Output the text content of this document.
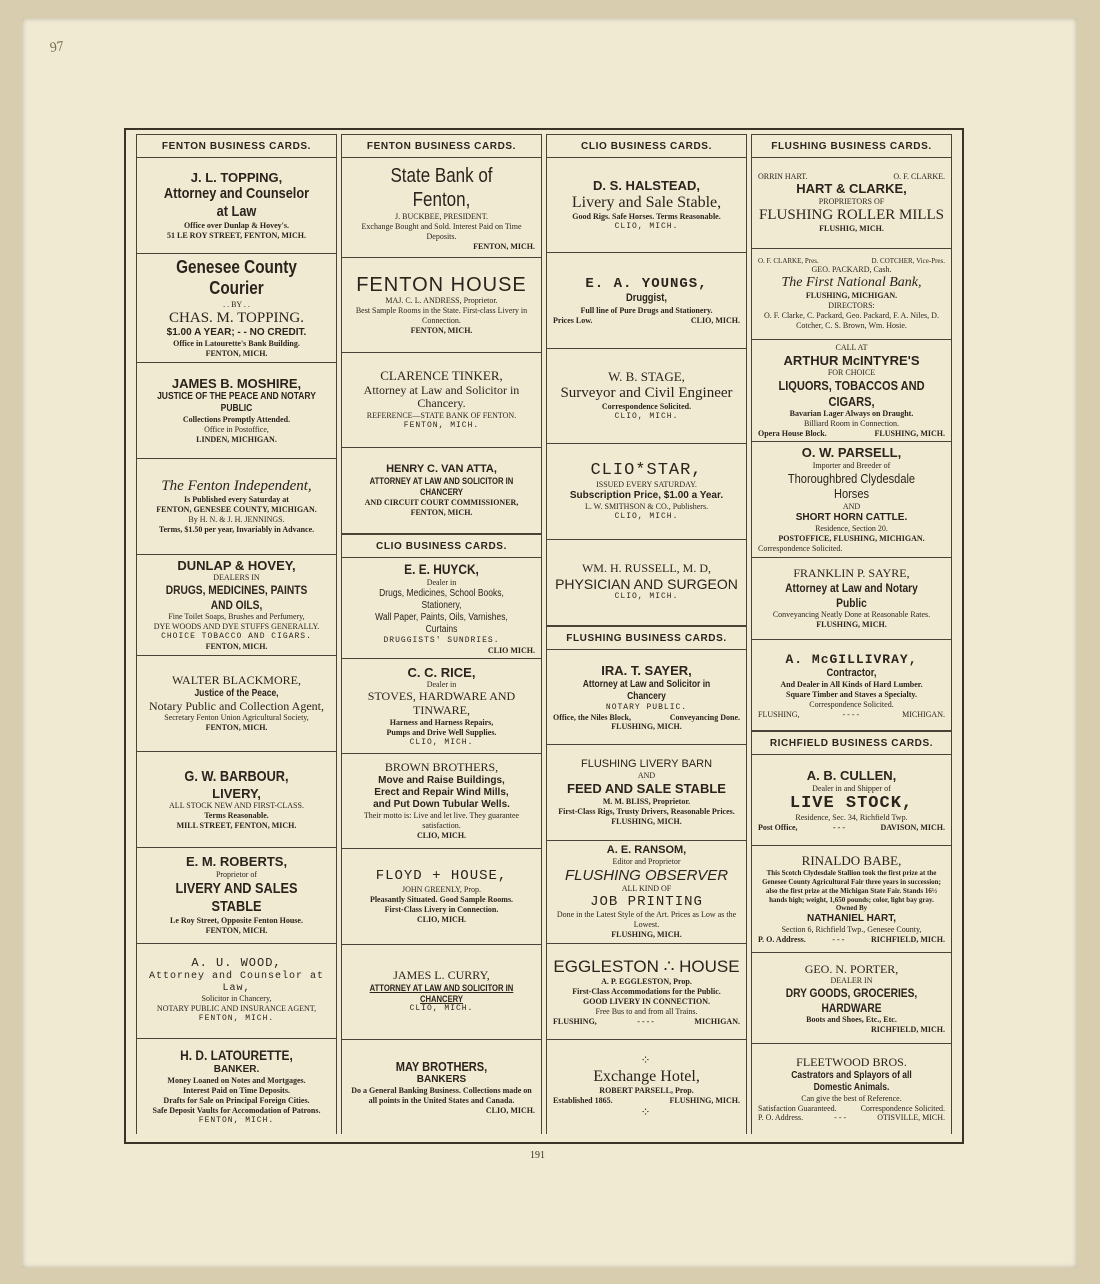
97
FENTON BUSINESS CARDS.
J. L. TOPPING,
Attorney and Counselor at Law
Office over Dunlap & Hovey's.
51 LE ROY STREET, FENTON, MICH.
Genesee County Courier
. . BY . .
CHAS. M. TOPPING.
$1.00 A YEAR; - - NO CREDIT.
Office in Latourette's Bank Building.
FENTON, MICH.
JAMES B. MOSHIRE,
JUSTICE OF THE PEACE AND NOTARY PUBLIC
Collections Promptly Attended.
Office in Postoffice,
LINDEN, MICHIGAN.
The Fenton Independent,
Is Published every Saturday at
FENTON, GENESEE COUNTY, MICHIGAN.
By H. N. & J. H. JENNINGS.
Terms, $1.50 per year, Invariably in Advance.
DUNLAP & HOVEY,
DEALERS IN
DRUGS, MEDICINES, PAINTS AND OILS,
Fine Toilet Soaps, Brushes and Perfumery,
DYE WOODS AND DYE STUFFS GENERALLY.
CHOICE TOBACCO AND CIGARS.
FENTON, MICH.
WALTER BLACKMORE,
Justice of the Peace,
Notary Public and Collection Agent,
Secretary Fenton Union Agricultural Society,
FENTON, MICH.
G. W. BARBOUR,
LIVERY,
ALL STOCK NEW AND FIRST-CLASS.
Terms Reasonable.
MILL STREET, FENTON, MICH.
E. M. ROBERTS,
Proprietor of
LIVERY AND SALES STABLE
Le Roy Street, Opposite Fenton House.
FENTON, MICH.
A. U. WOOD,
Attorney and Counselor at Law,
Solicitor in Chancery,
NOTARY PUBLIC AND INSURANCE AGENT,
FENTON, MICH.
H. D. LATOURETTE,
BANKER.
Money Loaned on Notes and Mortgages.
Interest Paid on Time Deposits.
Drafts for Sale on Principal Foreign Cities.
Safe Deposit Vaults for Accomodation of Patrons.
FENTON, MICH.
FENTON BUSINESS CARDS.
State Bank of Fenton,
J. BUCKBEE, PRESIDENT.
Exchange Bought and Sold. Interest Paid on Time Deposits.
FENTON, MICH.
FENTON HOUSE
MAJ. C. L. ANDRESS, Proprietor.
Best Sample Rooms in the State. First-class Livery in Connection.
FENTON, MICH.
CLARENCE TINKER,
Attorney at Law and Solicitor in Chancery.
REFERENCE—STATE BANK OF FENTON.
FENTON, MICH.
HENRY C. VAN ATTA,
ATTORNEY AT LAW AND SOLICITOR IN CHANCERY
AND CIRCUIT COURT COMMISSIONER,
FENTON, MICH.
CLIO BUSINESS CARDS.
E. E. HUYCK,
Dealer in
Drugs, Medicines, School Books, Stationery,
Wall Paper, Paints, Oils, Varnishes, Curtains
DRUGGISTS' SUNDRIES.
CLIO MICH.
C. C. RICE,
Dealer in
STOVES, HARDWARE AND TINWARE,
Harness and Harness Repairs,
Pumps and Drive Well Supplies.
CLIO, MICH.
BROWN BROTHERS,
Move and Raise Buildings,
Erect and Repair Wind Mills,
and Put Down Tubular Wells.
Their motto is: Live and let live. They guarantee satisfaction.
CLIO, MICH.
FLOYD + HOUSE,
JOHN GREENLY, Prop.
Pleasantly Situated. Good Sample Rooms.
First-Class Livery in Connection.
CLIO, MICH.
JAMES L. CURRY,
ATTORNEY AT LAW AND SOLICITOR IN CHANCERY
CLIO, MICH.
MAY BROTHERS,
BANKERS
Do a General Banking Business. Collections made on all points in the United States and Canada.
CLIO, MICH.
CLIO BUSINESS CARDS.
D. S. HALSTEAD,
Livery and Sale Stable,
Good Rigs. Safe Horses. Terms Reasonable.
CLIO, MICH.
E. A. YOUNGS,
Druggist,
Full line of Pure Drugs and Stationery.
Prices Low.	CLIO, MICH.
W. B. STAGE,
Surveyor and Civil Engineer
Correspondence Solicited.
CLIO, MICH.
CLIO*STAR,
ISSUED EVERY SATURDAY.
Subscription Price, $1.00 a Year.
L. W. SMITHSON & CO., Publishers.
CLIO, MICH.
WM. H. RUSSELL, M. D,
PHYSICIAN AND SURGEON
CLIO, MICH.
FLUSHING BUSINESS CARDS.
IRA. T. SAYER,
Attorney at Law and Solicitor in Chancery
NOTARY PUBLIC.
Office, the Niles Block,	Conveyancing Done.
FLUSHING, MICH.
FLUSHING LIVERY BARN
AND
FEED AND SALE STABLE
M. M. BLISS, Proprietor.
First-Class Rigs, Trusty Drivers, Reasonable Prices.
FLUSHING, MICH.
A. E. RANSOM,
Editor and Proprietor
FLUSHING OBSERVER
ALL KIND OF
JOB PRINTING
Done in the Latest Style of the Art. Prices as Low as the Lowest.
FLUSHING, MICH.
EGGLESTON ∴ HOUSE
A. P. EGGLESTON, Prop.
First-Class Accommodations for the Public.
GOOD LIVERY IN CONNECTION.
Free Bus to and from all Trains.
FLUSHING,	- - - -	MICHIGAN.
⁘
Exchange Hotel,
ROBERT PARSELL, Prop.
Established 1865.	FLUSHING, MICH.
⁘
FLUSHING BUSINESS CARDS.
ORRIN HART.	O. F. CLARKE.
HART & CLARKE,
PROPRIETORS OF
FLUSHING ROLLER MILLS
FLUSHIG, MICH.
O. F. CLARKE, Pres.	D. COTCHER, Vice-Pres.
GEO. PACKARD, Cash.
The First National Bank,
FLUSHING, MICHIGAN.
DIRECTORS:
O. F. Clarke, C. Packard, Geo. Packard, F. A. Niles, D. Cotcher, C. S. Brown, Wm. Hosie.
CALL AT
ARTHUR McINTYRE'S
FOR CHOICE
LIQUORS, TOBACCOS AND CIGARS,
Bavarian Lager Always on Draught.
Billiard Room in Connection.
Opera House Block.	FLUSHING, MICH.
O. W. PARSELL,
Importer and Breeder of
Thoroughbred Clydesdale Horses
AND
SHORT HORN CATTLE.
Residence, Section 20.
POSTOFFICE, FLUSHING, MICHIGAN.
Correspondence Solicited.
FRANKLIN P. SAYRE,
Attorney at Law and Notary Public
Conveyancing Neatly Done at Reasonable Rates.
FLUSHING, MICH.
A. McGILLIVRAY,
Contractor,
And Dealer in All Kinds of Hard Lumber.
Square Timber and Staves a Specialty.
Correspondence Solicited.
FLUSHING,	- - - -	MICHIGAN.
RICHFIELD BUSINESS CARDS.
A. B. CULLEN,
Dealer in and Shipper of
LIVE STOCK,
Residence, Sec. 34, Richfield Twp.
Post Office,	- - -	DAVISON, MICH.
RINALDO BABE,
This Scotch Clydesdale Stallion took the first prize at the Genesee County Agricultural Fair three years in succession; also the first prize at the Michigan State Fair. Stands 16½ hands high; weight, 1,650 pounds; color, light bay gray. Owned By
NATHANIEL HART,
Section 6, Richfield Twp., Genesee County,
P. O. Address.	- - -	RICHFIELD, MICH.
GEO. N. PORTER,
DEALER IN
DRY GOODS, GROCERIES, HARDWARE
Boots and Shoes, Etc., Etc.
RICHFIELD, MICH.
FLEETWOOD BROS.
Castrators and Splayors of all Domestic Animals.
Can give the best of Reference.
Satisfaction Guaranteed.	Correspondence Solicited.
P. O. Address.	- - -	OTISVILLE, MICH.
191
